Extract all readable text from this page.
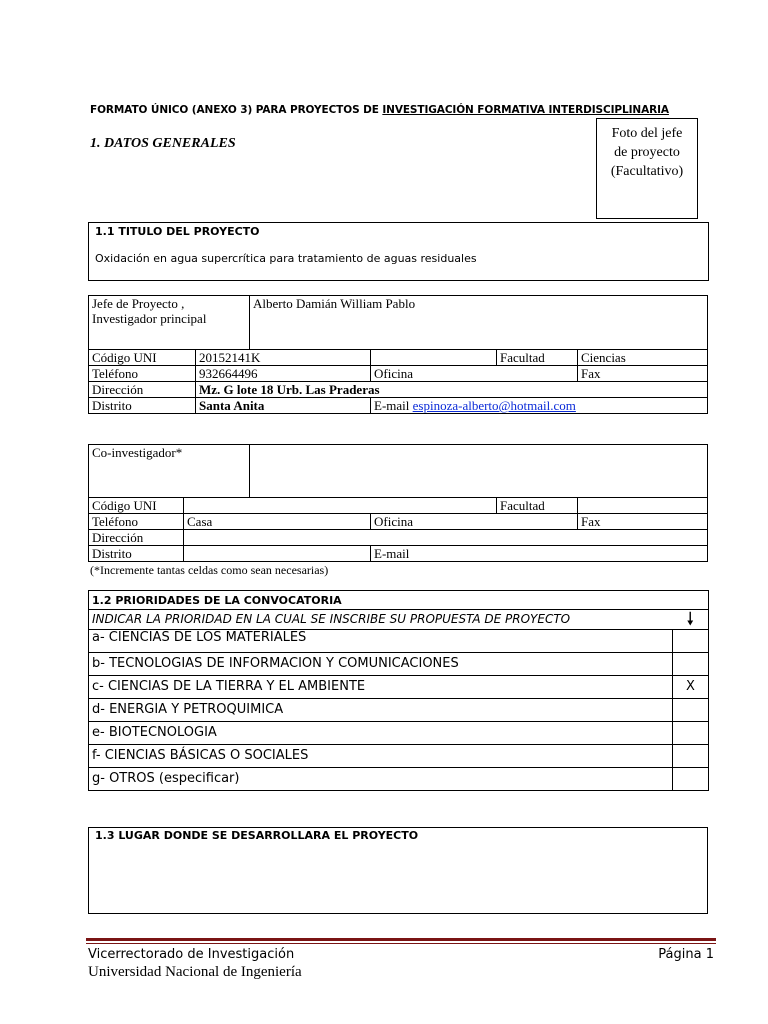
FORMATO ÚNICO (ANEXO 3) PARA PROYECTOS DE INVESTIGACIÓN FORMATIVA INTERDISCIPLINARIA
1. DATOS GENERALES
Foto del jefe
de proyecto
(Facultativo)
1.1 TITULO DEL PROYECTO
Oxidación en agua supercrítica para tratamiento de aguas residuales
Jefe de Proyecto ,
Investigador principal		Alberto Damián William Pablo			
Código UNI	20152141K			Facultad	Ciencias
Teléfono	932664496		Oficina		Fax
Dirección	Mz. G lote 18 Urb. Las Praderas				
Distrito	Santa Anita		E-mail espinoza-alberto@hotmail.com		
Co-investigador*					
Código UNI				Facultad	
Teléfono	Casa		Oficina		Fax
Dirección					
Distrito			E-mail		
(*Incremente tantas celdas como sean necesarias)
1.2 PRIORIDADES DE LA CONVOCATORIA	
INDICAR LA PRIORIDAD EN LA CUAL SE INSCRIBE SU PROPUESTA DE PROYECTO	🠗
a- CIENCIAS DE LOS MATERIALES	
b- TECNOLOGIAS DE INFORMACION Y COMUNICACIONES	
c- CIENCIAS DE LA TIERRA Y EL AMBIENTE	X
d- ENERGIA Y PETROQUIMICA	
e- BIOTECNOLOGIA	
f- CIENCIAS BÁSICAS O SOCIALES	
g- OTROS (especificar)	
1.3 LUGAR DONDE SE DESARROLLARA EL PROYECTO
Vicerrectorado de Investigación
Universidad Nacional de Ingeniería
Página 1
